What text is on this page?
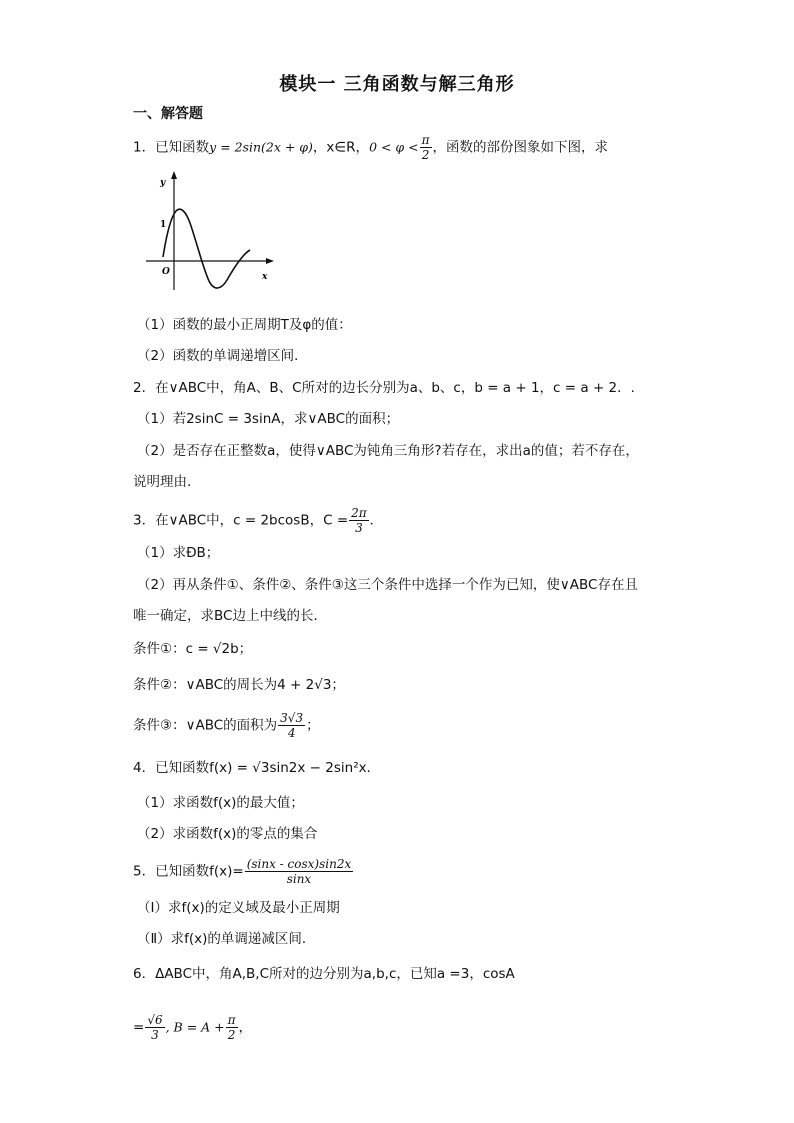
模块一 三角函数与解三角形
一、解答题
1．已知函数y = 2sin(2x + φ)，x∈R，$0 < \varphi < \frac{\pi}{2}$ ，函数的部份图象如下图，求
y
x
O
1
（1）函数的最小正周期T及φ的值：
（2）函数的单调递增区间．
2．在∨ABC中，角A、B、C所对的边长分别为a、b、c，b = a + 1，c = a + 2．.
（1）若2sinC = 3sinA，求∨ABC的面积；
（2）是否存在正整数a，使得∨ABC为钝角三角形?若存在，求出a的值；若不存在，
说明理由．
3．在∨ABC中，c = 2bcosB，$C = \frac{2\pi}{3}$ ．
（1）求ÐB；
（2）再从条件①、条件②、条件③这三个条件中选择一个作为已知，使∨ABC存在且
唯一确定，求BC边上中线的长．
条件①：c = √2b；
条件②：∨ABC的周长为4 + 2√3；
条件③：∨ABC的面积为 $\frac{3√3}{4}$ ；
4．已知函数f(x) = √3sin2x − 2sin²x．
（1）求函数f(x)的最大值；
（2）求函数f(x)的零点的集合
5．已知函数$f(x)= \frac{(\sin x - \cos x)\sin 2x}{\sin x}$
（Ⅰ）求f(x)的定义域及最小正周期
（Ⅱ）求f(x)的单调递减区间．
6．ΔABC中，角A,B,C所对的边分别为a,b,c，已知a =3，cosA
= $\frac{√6}{3}$ , $B = A + \frac{\pi}{2}$ ，
